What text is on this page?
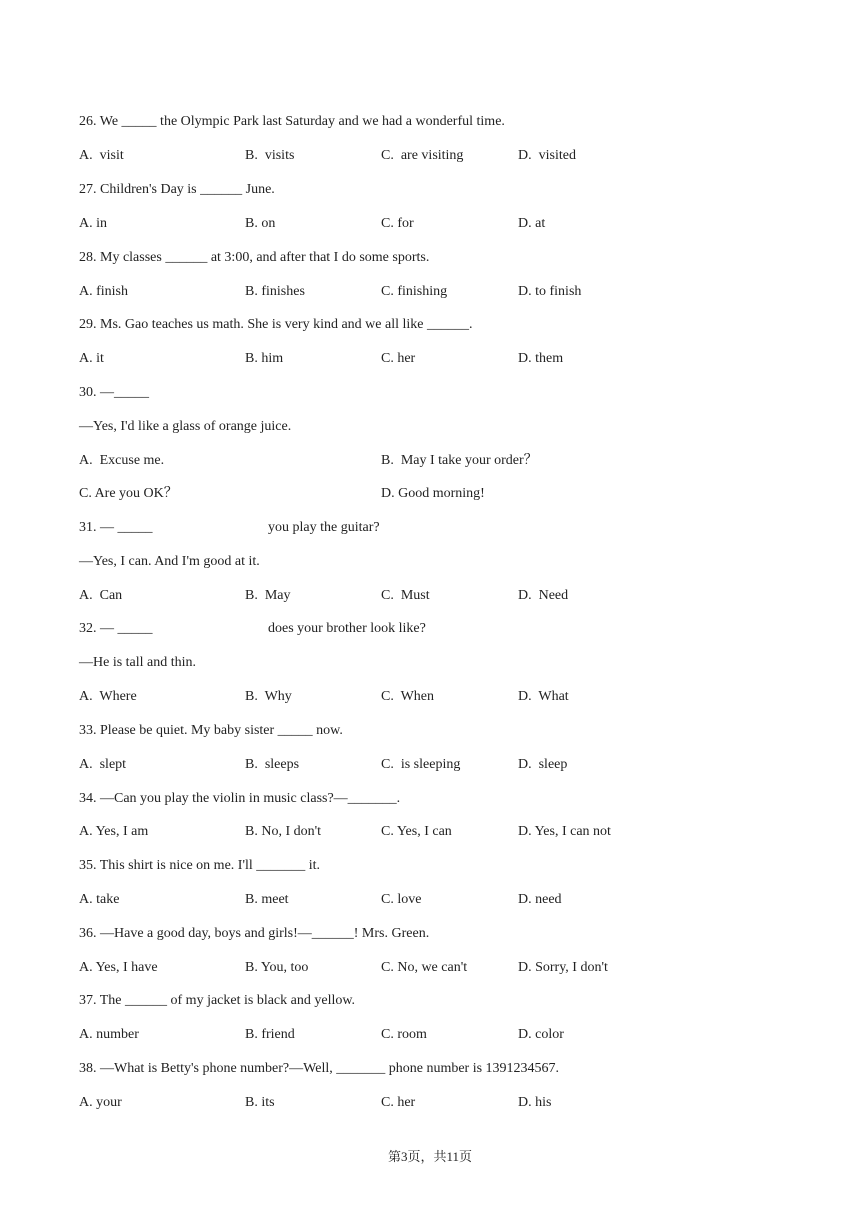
26. We _____ the Olympic Park last Saturday and we had a wonderful time.
A.  visit	B.  visits	C.  are visiting	D.  visited
27. Children's Day is ______ June.
A. in	B. on	C. for	D. at
28. My classes ______ at 3:00, and after that I do some sports.
A. finish	B. finishes	C. finishing	D. to finish
29. Ms. Gao teaches us math. She is very kind and we all like ______.
A. it	B. him	C. her	D. them
30. —_____
—Yes, I'd like a glass of orange juice.
A.  Excuse me.	B.  May I take your order？
C. Are you OK？	D. Good morning!
31. — _____	you play the guitar?
—Yes, I can. And I'm good at it.
A.  Can	B.  May	C.  Must	D.  Need
32. — _____	does your brother look like?
—He is tall and thin.
A.  Where	B.  Why	C.  When	D.  What
33. Please be quiet. My baby sister _____ now.
A.  slept	B.  sleeps	C.  is sleeping	D.  sleep
34. —Can you play the violin in music class?—_______.
A. Yes, I am	B. No, I don't	C. Yes, I can	D. Yes, I can not
35. This shirt is nice on me. I'll _______ it.
A. take	B. meet	C. love	D. need
36. —Have a good day, boys and girls!—______! Mrs. Green.
A. Yes, I have	B. You, too	C. No, we can't	D. Sorry, I don't
37. The ______ of my jacket is black and yellow.
A. number	B. friend	C. room	D. color
38. —What is Betty's phone number?—Well, _______ phone number is 1391234567.
A. your	B. its	C. her	D. his
第3页，共11页
